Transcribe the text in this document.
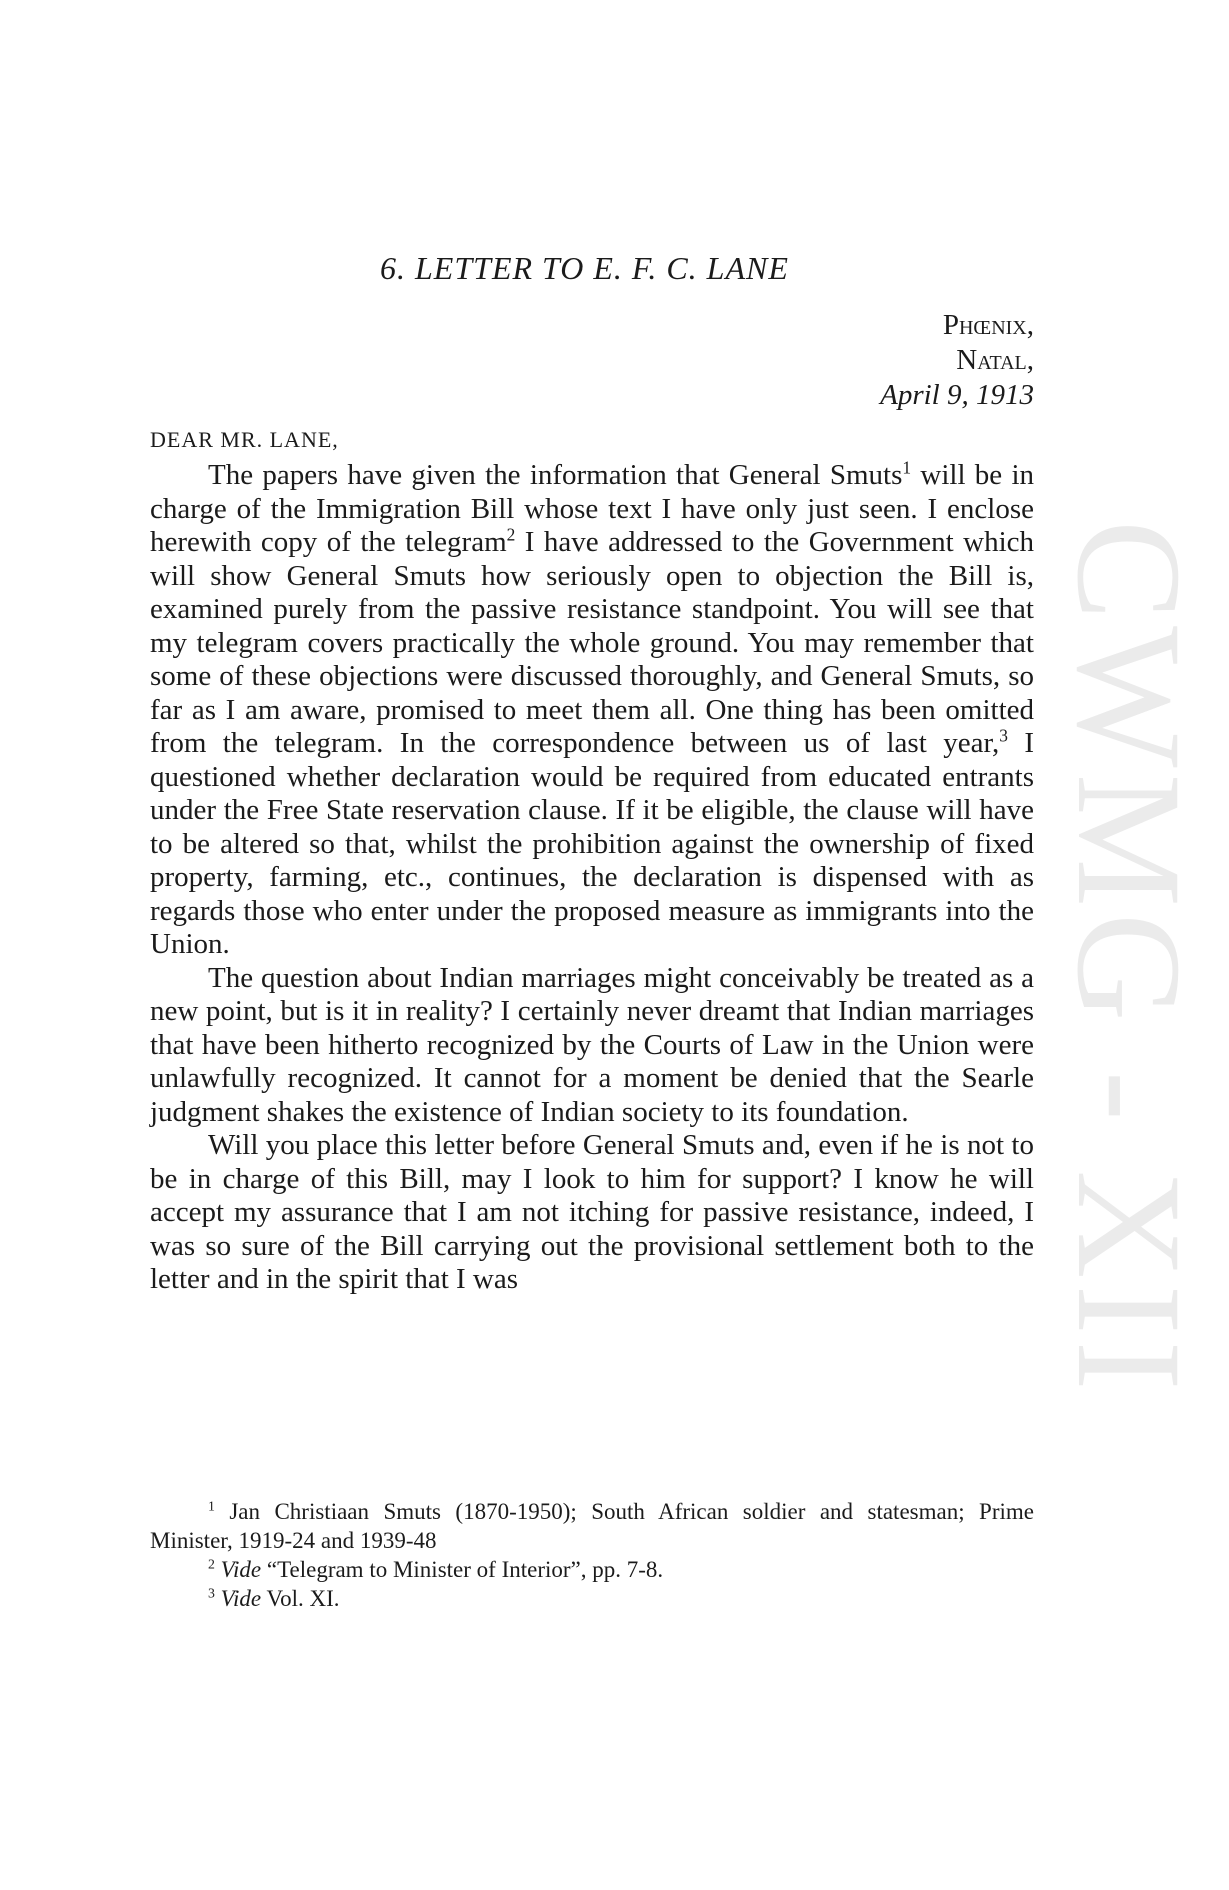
CWMG - XII
6. LETTER TO E. F. C. LANE
Phœnix,
Natal,
April 9, 1913
DEAR MR. LANE,

The papers have given the information that General Smuts$^1$ will be in charge of the Immigration Bill whose text I have only just seen. I enclose herewith copy of the telegram$^2$ I have addressed to the Government which will show General Smuts how seriously open to objection the Bill is, examined purely from the passive resistance standpoint. You will see that my telegram covers practically the whole ground. You may remember that some of these objections were discussed thoroughly, and General Smuts, so far as I am aware, promised to meet them all. One thing has been omitted from the telegram. In the correspondence between us of last year,$^3$ I questioned whether declaration would be required from educated entrants under the Free State reservation clause. If it be eligible, the clause will have to be altered so that, whilst the prohibition against the ownership of fixed property, farming, etc., continues, the declaration is dispensed with as regards those who enter under the proposed measure as immigrants into the Union.

The question about Indian marriages might conceivably be treated as a new point, but is it in reality? I certainly never dreamt that Indian marriages that have been hitherto recognized by the Courts of Law in the Union were unlawfully recognized. It cannot for a moment be denied that the Searle judgment shakes the existence of Indian society to its foundation.

Will you place this letter before General Smuts and, even if he is not to be in charge of this Bill, may I look to him for support? I know he will accept my assurance that I am not itching for passive resistance, indeed, I was so sure of the Bill carrying out the provisional settlement both to the letter and in the spirit that I was

$^1$ Jan Christiaan Smuts (1870-1950); South African soldier and statesman; Prime Minister, 1919-24 and 1939-48

$^2$ Vide “Telegram to Minister of Interior”, pp. 7-8.

$^3$ Vide Vol. XI.
